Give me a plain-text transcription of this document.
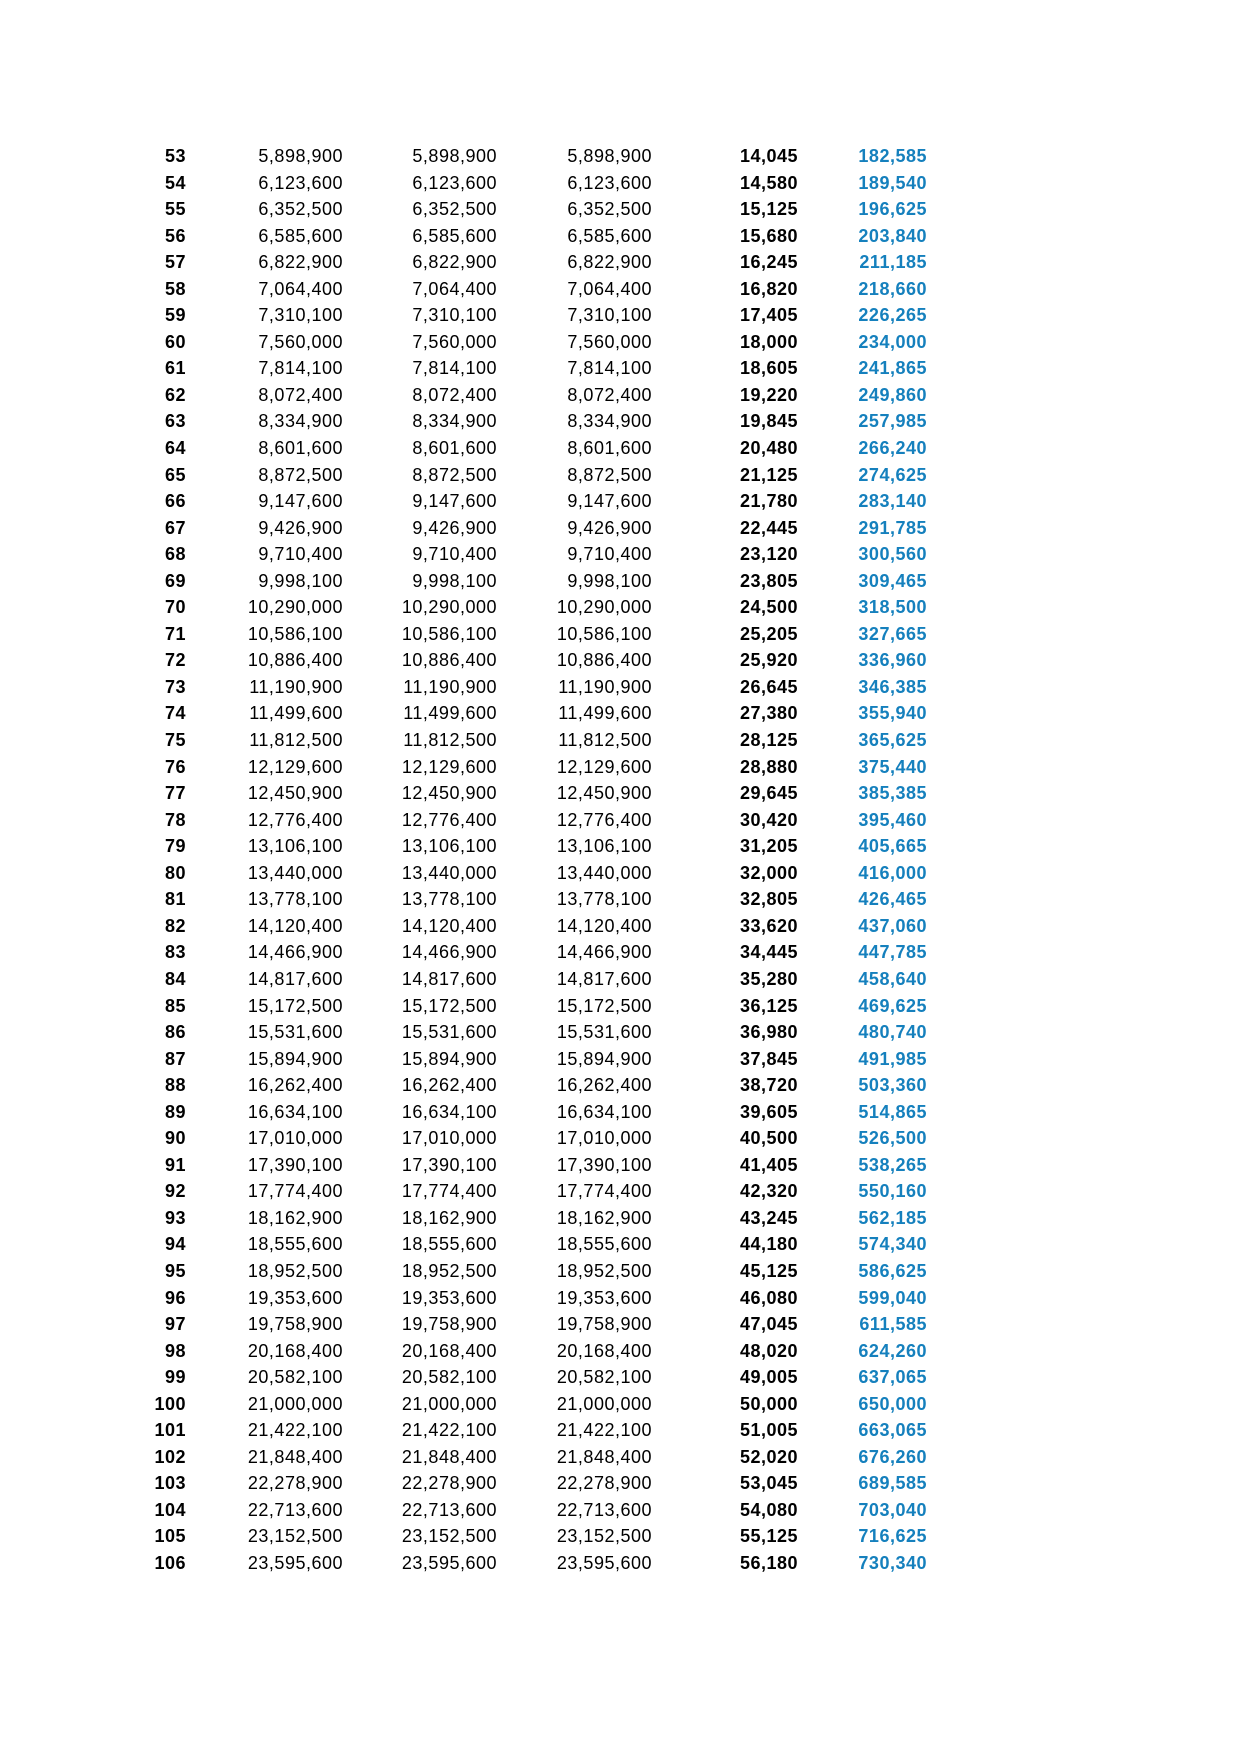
53	5,898,900	5,898,900	5,898,900	14,045	182,585
54	6,123,600	6,123,600	6,123,600	14,580	189,540
55	6,352,500	6,352,500	6,352,500	15,125	196,625
56	6,585,600	6,585,600	6,585,600	15,680	203,840
57	6,822,900	6,822,900	6,822,900	16,245	211,185
58	7,064,400	7,064,400	7,064,400	16,820	218,660
59	7,310,100	7,310,100	7,310,100	17,405	226,265
60	7,560,000	7,560,000	7,560,000	18,000	234,000
61	7,814,100	7,814,100	7,814,100	18,605	241,865
62	8,072,400	8,072,400	8,072,400	19,220	249,860
63	8,334,900	8,334,900	8,334,900	19,845	257,985
64	8,601,600	8,601,600	8,601,600	20,480	266,240
65	8,872,500	8,872,500	8,872,500	21,125	274,625
66	9,147,600	9,147,600	9,147,600	21,780	283,140
67	9,426,900	9,426,900	9,426,900	22,445	291,785
68	9,710,400	9,710,400	9,710,400	23,120	300,560
69	9,998,100	9,998,100	9,998,100	23,805	309,465
70	10,290,000	10,290,000	10,290,000	24,500	318,500
71	10,586,100	10,586,100	10,586,100	25,205	327,665
72	10,886,400	10,886,400	10,886,400	25,920	336,960
73	11,190,900	11,190,900	11,190,900	26,645	346,385
74	11,499,600	11,499,600	11,499,600	27,380	355,940
75	11,812,500	11,812,500	11,812,500	28,125	365,625
76	12,129,600	12,129,600	12,129,600	28,880	375,440
77	12,450,900	12,450,900	12,450,900	29,645	385,385
78	12,776,400	12,776,400	12,776,400	30,420	395,460
79	13,106,100	13,106,100	13,106,100	31,205	405,665
80	13,440,000	13,440,000	13,440,000	32,000	416,000
81	13,778,100	13,778,100	13,778,100	32,805	426,465
82	14,120,400	14,120,400	14,120,400	33,620	437,060
83	14,466,900	14,466,900	14,466,900	34,445	447,785
84	14,817,600	14,817,600	14,817,600	35,280	458,640
85	15,172,500	15,172,500	15,172,500	36,125	469,625
86	15,531,600	15,531,600	15,531,600	36,980	480,740
87	15,894,900	15,894,900	15,894,900	37,845	491,985
88	16,262,400	16,262,400	16,262,400	38,720	503,360
89	16,634,100	16,634,100	16,634,100	39,605	514,865
90	17,010,000	17,010,000	17,010,000	40,500	526,500
91	17,390,100	17,390,100	17,390,100	41,405	538,265
92	17,774,400	17,774,400	17,774,400	42,320	550,160
93	18,162,900	18,162,900	18,162,900	43,245	562,185
94	18,555,600	18,555,600	18,555,600	44,180	574,340
95	18,952,500	18,952,500	18,952,500	45,125	586,625
96	19,353,600	19,353,600	19,353,600	46,080	599,040
97	19,758,900	19,758,900	19,758,900	47,045	611,585
98	20,168,400	20,168,400	20,168,400	48,020	624,260
99	20,582,100	20,582,100	20,582,100	49,005	637,065
100	21,000,000	21,000,000	21,000,000	50,000	650,000
101	21,422,100	21,422,100	21,422,100	51,005	663,065
102	21,848,400	21,848,400	21,848,400	52,020	676,260
103	22,278,900	22,278,900	22,278,900	53,045	689,585
104	22,713,600	22,713,600	22,713,600	54,080	703,040
105	23,152,500	23,152,500	23,152,500	55,125	716,625
106	23,595,600	23,595,600	23,595,600	56,180	730,340
